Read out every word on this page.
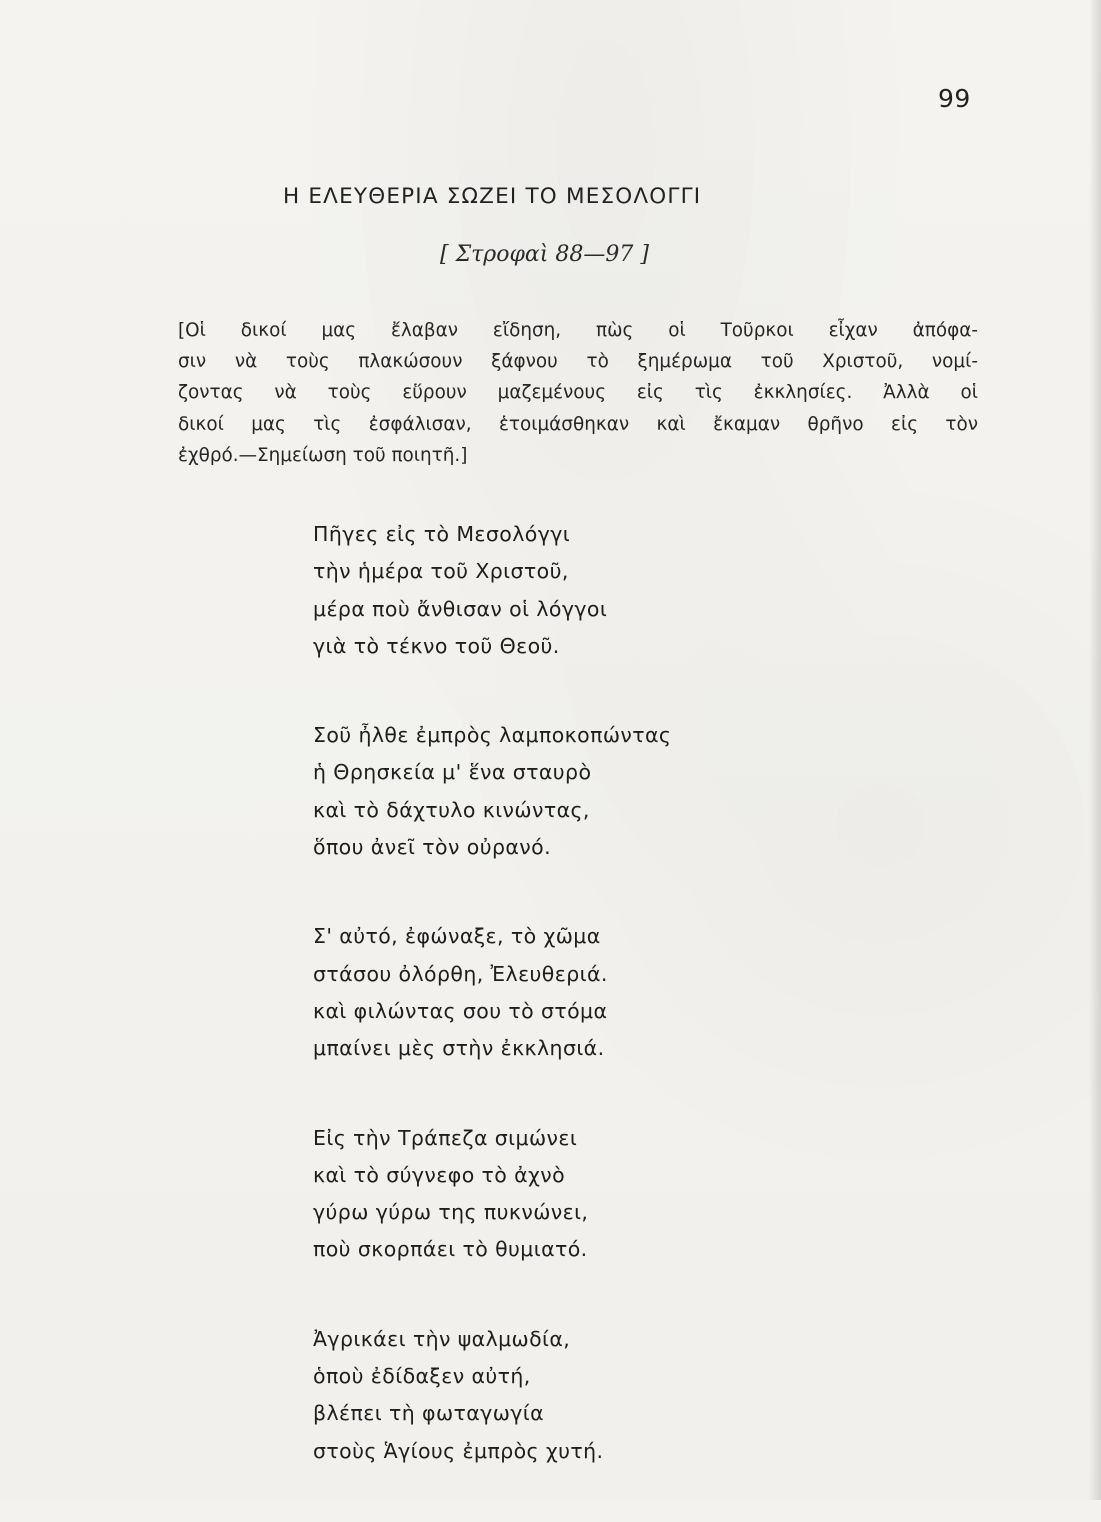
99
Η ΕΛΕΥΘΕΡΙΑ ΣΩΖΕΙ ΤΟ ΜΕΣΟΛΟΓΓΙ
[ Στροφαὶ 88—97 ]
[Οἱ δικοί μας ἔλαβαν εἴδηση, πὼς οἱ Τοῦρκοι εἶχαν ἀπόφα-
σιν νὰ τοὺς πλακώσουν ξάφνου τὸ ξημέρωμα τοῦ Χριστοῦ, νομί-
ζοντας νὰ τοὺς εὕρουν μαζεμένους εἰς τὶς ἐκκλησίες. Ἀλλὰ οἱ
δικοί μας τὶς ἐσφάλισαν, ἑτοιμάσθηκαν καὶ ἔκαμαν θρῆνο εἰς τὸν
ἐχθρό.—Σημείωση τοῦ ποιητῆ.]
Πῆγες εἰς τὸ Μεσολόγγι
τὴν ἡμέρα τοῦ Χριστοῦ,
μέρα ποὺ ἄνθισαν οἱ λόγγοι
γιὰ τὸ τέκνο τοῦ Θεοῦ.
Σοῦ ἦλθε ἐμπρὸς λαμποκοπώντας
ἡ Θρησκεία μ' ἕνα σταυρὸ
καὶ τὸ δάχτυλο κινώντας,
ὅπου ἀνεῖ τὸν οὐρανό.
Σ' αὐτό, ἐφώναξε, τὸ χῶμα
στάσου ὀλόρθη, Ἐλευθεριά.
καὶ φιλώντας σου τὸ στόμα
μπαίνει μὲς στὴν ἐκκλησιά.
Εἰς τὴν Τράπεζα σιμώνει
καὶ τὸ σύγνεφο τὸ ἀχνὸ
γύρω γύρω της πυκνώνει,
ποὺ σκορπάει τὸ θυμιατό.
Ἀγρικάει τὴν ψαλμωδία,
ὁποὺ ἐδίδαξεν αὐτή,
βλέπει τὴ φωταγωγία
στοὺς Ἁγίους ἐμπρὸς χυτή.
